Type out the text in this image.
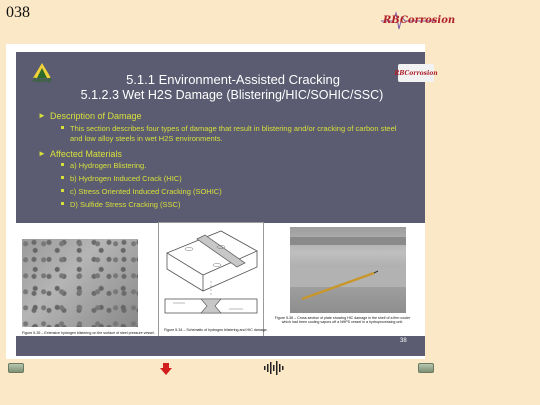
038	RBCorrosion
Abend
RBCorrosion
5.1.1 Environment-Assisted Cracking
5.1.2.3 Wet H2S Damage (Blistering/HIC/SOHIC/SSC)
► Description of Damage
This section describes four types of damage that result in blistering and/or cracking of carbon steel and low alloy steels in wet H2S environments.
► Affected Materials
a) Hydrogen Blistering.
b) Hydrogen Induced Crack (HIC)
c) Stress Oriented Induced Cracking (SOHIC)
D) Sulfide Stress Cracking (SSC)
Figure 5-35 – Extensive hydrogen blistering on the surface of steel pressure vessel.
Figure 5-34 – Schematic of hydrogen blistering and HIC damage.
Figure 5-36 – Cross-section of plate showing HIC damage in the shell of a firm cooler which had been cooling vapors off a NHPS vessel in a hydroprocessing unit.
38
